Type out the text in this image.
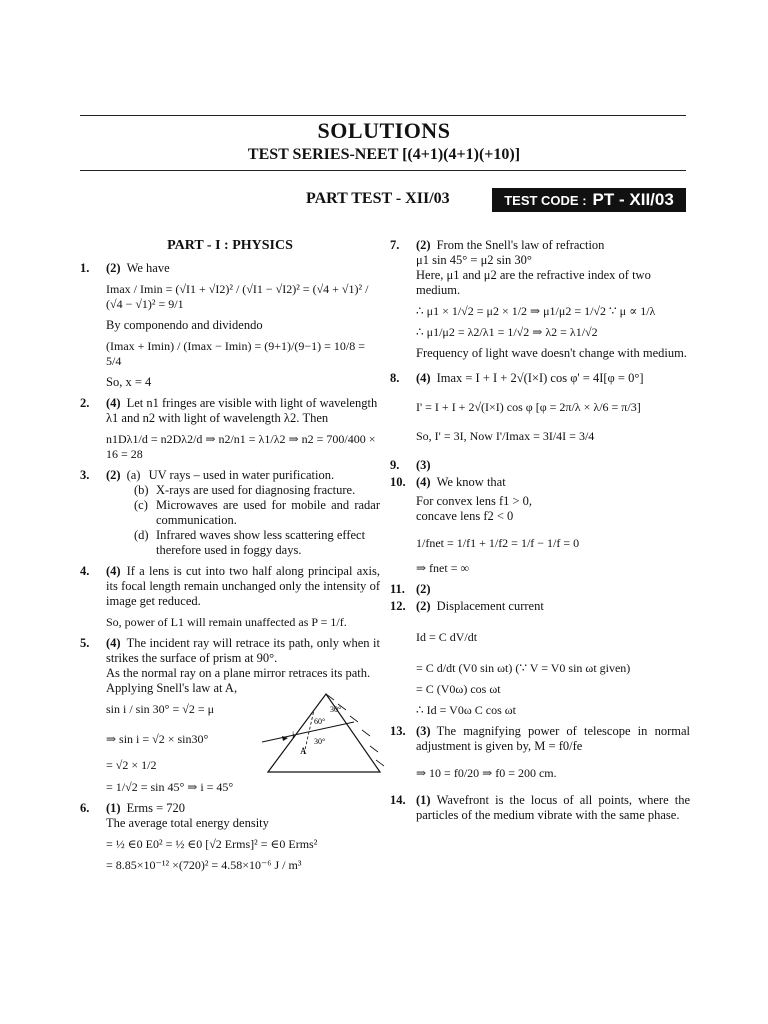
SOLUTIONS
TEST SERIES-NEET [(4+1)(4+1)(+10)]
PART TEST - XII/03	TEST CODE : PT - XII/03
PART - I : PHYSICS
1.	(2) We have
Imax / Imin = (√I1 + √I2)² / (√I1 − √I2)² = (√4 + √1)² / (√4 − √1)² = 9/1
By componendo and dividendo
(Imax + Imin) / (Imax − Imin) = (9+1)/(9−1) = 10/8 = 5/4
So, x = 4
2.	(4) Let n1 fringes are visible with light of wavelength λ1 and n2 with light of wavelength λ2. Then
n1Dλ1/d = n2Dλ2/d ⇒ n2/n1 = λ1/λ2 ⇒ n2 = 700/400 × 16 = 28
3.	(2) (a) UV rays – used in water purification.
(b) X-rays are used for diagnosing fracture.
(c) Microwaves are used for mobile and radar communication.
(d) Infrared waves show less scattering effect therefore used in foggy days.
4.	(4) If a lens is cut into two half along principal axis, its focal length remain unchanged only the intensity of image get reduced.
So, power of L1 will remain unaffected as P = 1/f.
5.	(4) The incident ray will retrace its path, only when it strikes the surface of prism at 90°.
As the normal ray on a plane mirror retraces its path. Applying Snell's law at A,
sin i / sin 30° = √2 = μ
⇒ sin i = √2 × sin30°
= √2 × 1/2
i
A
30°
30°
60°
= 1/√2 = sin 45° ⇒ i = 45°
6.	(1) Erms = 720
The average total energy density
= ½ ∈0 E0² = ½ ∈0 [√2 Erms]² = ∈0 Erms²
= 8.85×10⁻¹² ×(720)² = 4.58×10⁻⁶ J / m³
7.	(2) From the Snell's law of refraction
μ1 sin 45° = μ2 sin 30°
Here, μ1 and μ2 are the refractive index of two medium.
∴ μ1 × 1/√2 = μ2 × 1/2 ⇒ μ1/μ2 = 1/√2 ∵ μ ∝ 1/λ
∴ μ1/μ2 = λ2/λ1 = 1/√2 ⇒ λ2 = λ1/√2
Frequency of light wave doesn't change with medium.
8.	(4) Imax = I + I + 2√(I×I) cos φ' = 4I[φ = 0°]
I' = I + I + 2√(I×I) cos φ [φ = 2π/λ × λ/6 = π/3]
So, I' = 3I, Now I'/Imax = 3I/4I = 3/4
9.	(3)
10. (4) We know that
For convex lens f1 > 0,
concave lens f2 < 0
1/fnet = 1/f1 + 1/f2 = 1/f − 1/f = 0
⇒ fnet = ∞
11. (2)
12. (2) Displacement current
Id = C dV/dt
= C d/dt (V0 sin ωt) (∵ V = V0 sin ωt given)
= C (V0ω) cos ωt
∴ Id = V0ω C cos ωt
13. (3) The magnifying power of telescope in normal adjustment is given by, M = f0/fe
⇒ 10 = f0/20 ⇒ f0 = 200 cm.
14. (1) Wavefront is the locus of all points, where the particles of the medium vibrate with the same phase.
